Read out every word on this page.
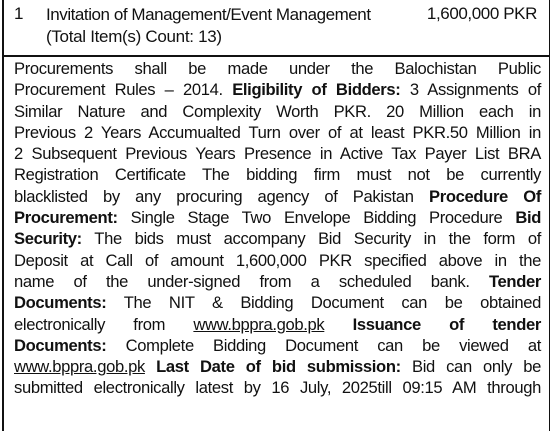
1 Invitation of Management/Event Management	1,600,000 PKR
(Total Item(s) Count: 13)
Procurements shall be made under the Balochistan Public
Procurement Rules – 2014. Eligibility of Bidders: 3 Assignments of
Similar Nature and Complexity Worth PKR. 20 Million each in
Previous 2 Years Accumualted Turn over of at least PKR.50 Million in
2 Subsequent Previous Years Presence in Active Tax Payer List BRA
Registration Certificate The bidding firm must not be currently
blacklisted by any procuring agency of Pakistan Procedure Of
Procurement: Single Stage Two Envelope Bidding Procedure Bid
Security: The bids must accompany Bid Security in the form of
Deposit at Call of amount 1,600,000 PKR specified above in the
name of the under-signed from a scheduled bank. Tender
Documents: The NIT & Bidding Document can be obtained
electronically from www.bppra.gob.pk Issuance of tender
Documents: Complete Bidding Document can be viewed at
www.bppra.gob.pk Last Date of bid submission: Bid can only be
submitted electronically latest by 16 July, 2025till 09:15 AM through
